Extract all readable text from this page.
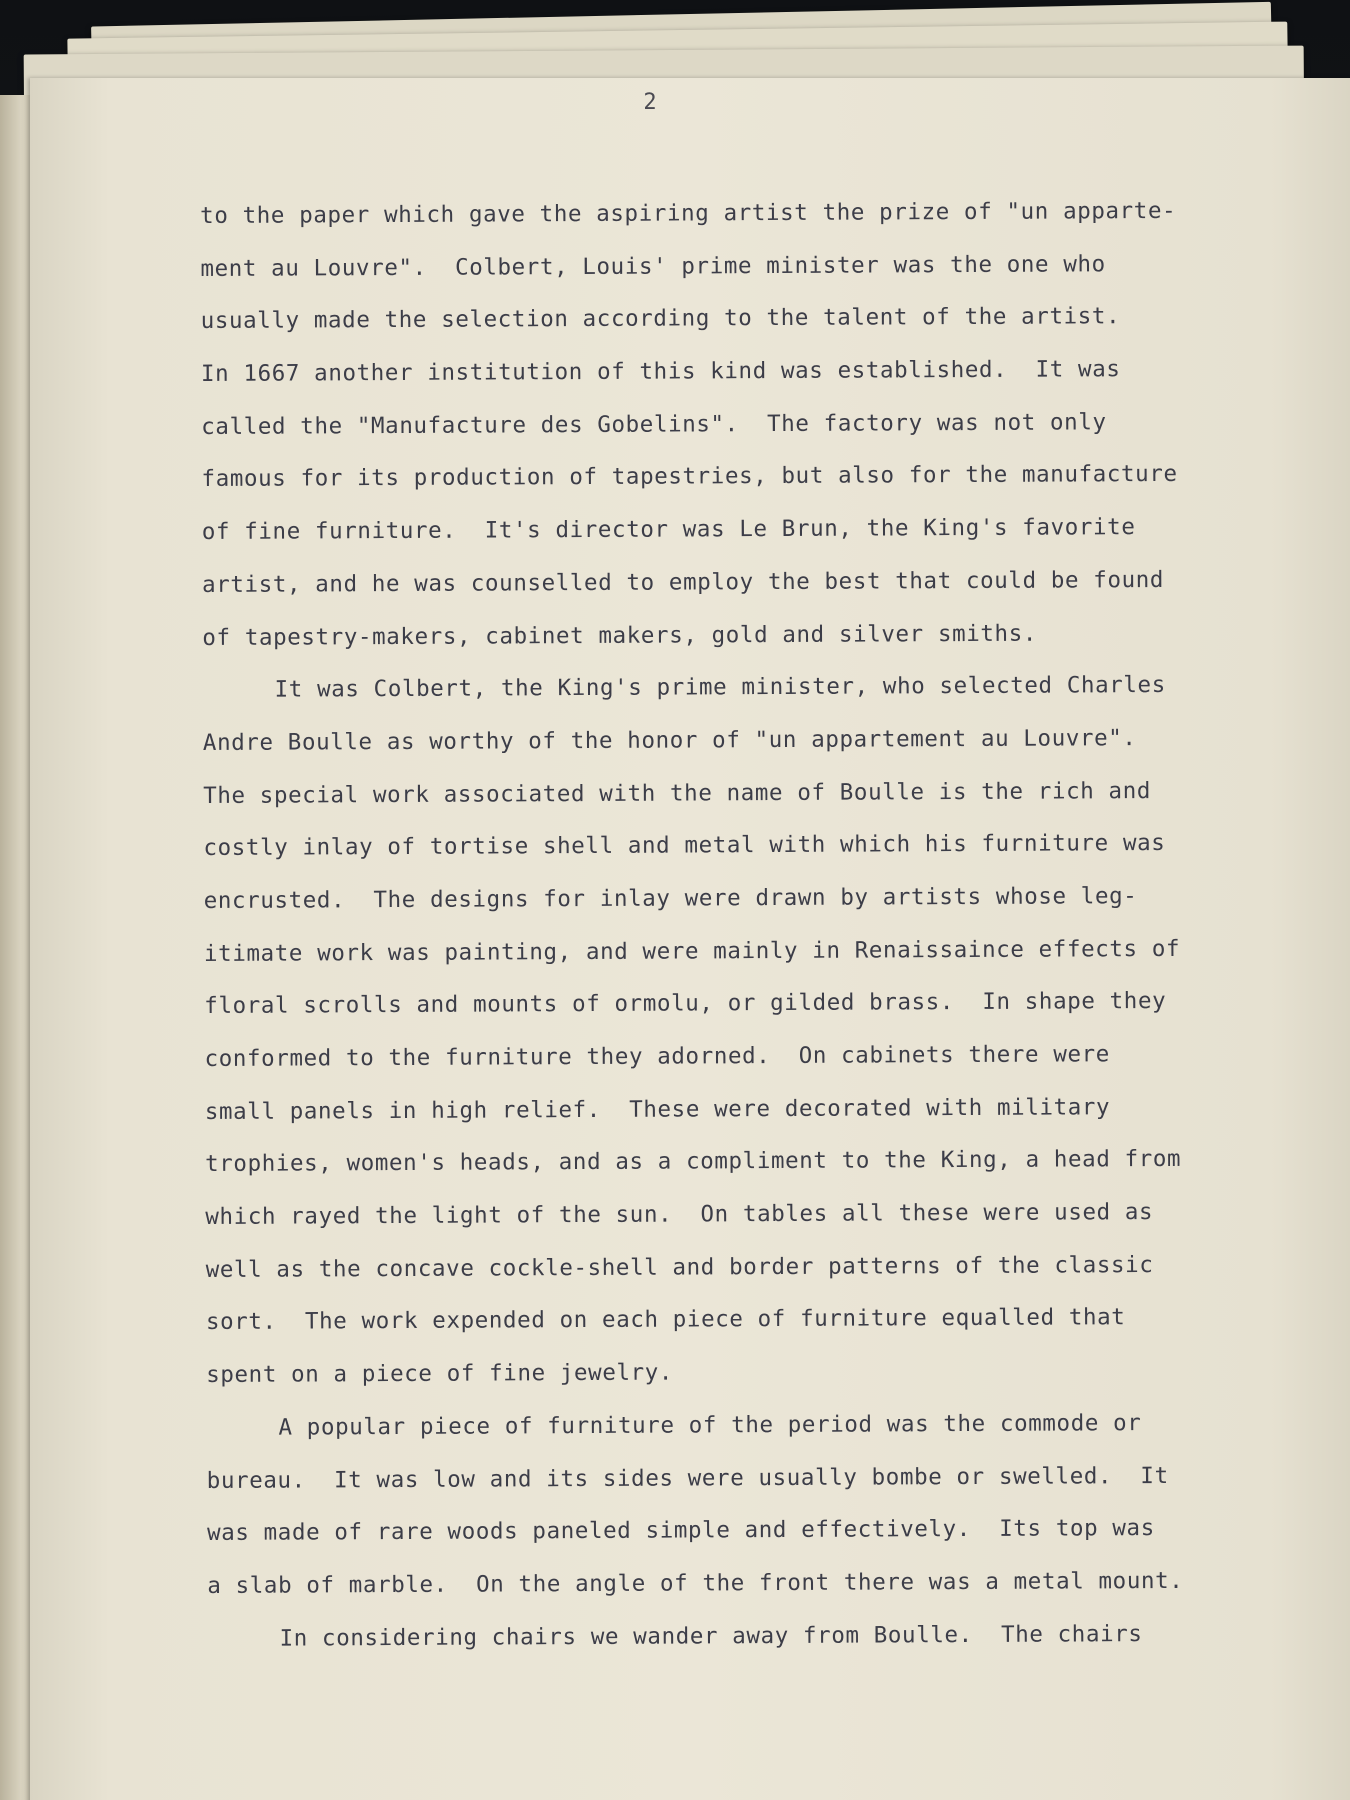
2
to the paper which gave the aspiring artist the prize of "un apparte-
ment au Louvre".  Colbert, Louis' prime minister was the one who
usually made the selection according to the talent of the artist.
In 1667 another institution of this kind was established.  It was
called the "Manufacture des Gobelins".  The factory was not only
famous for its production of tapestries, but also for the manufacture
of fine furniture.  It's director was Le Brun, the King's favorite
artist, and he was counselled to employ the best that could be found
of tapestry-makers, cabinet makers, gold and silver smiths.
It was Colbert, the King's prime minister, who selected Charles
Andre Boulle as worthy of the honor of "un appartement au Louvre".
The special work associated with the name of Boulle is the rich and
costly inlay of tortise shell and metal with which his furniture was
encrusted.  The designs for inlay were drawn by artists whose leg-
itimate work was painting, and were mainly in Renaissaince effects of
floral scrolls and mounts of ormolu, or gilded brass.  In shape they
conformed to the furniture they adorned.  On cabinets there were
small panels in high relief.  These were decorated with military
trophies, women's heads, and as a compliment to the King, a head from
which rayed the light of the sun.  On tables all these were used as
well as the concave cockle-shell and border patterns of the classic
sort.  The work expended on each piece of furniture equalled that
spent on a piece of fine jewelry.
A popular piece of furniture of the period was the commode or
bureau.  It was low and its sides were usually bombe or swelled.  It
was made of rare woods paneled simple and effectively.  Its top was
a slab of marble.  On the angle of the front there was a metal mount.
In considering chairs we wander away from Boulle.  The chairs
